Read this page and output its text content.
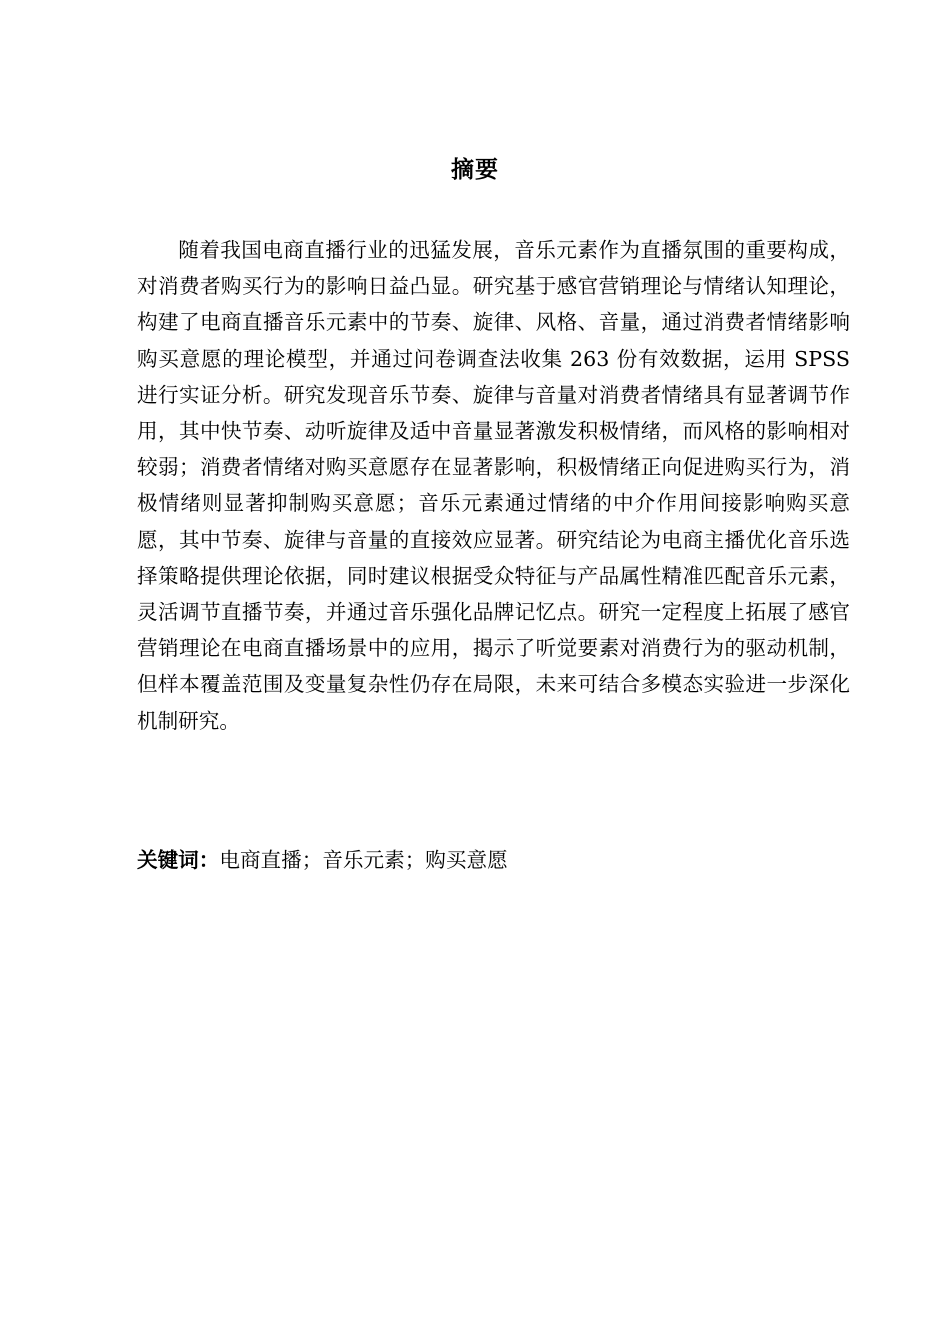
摘要

随着我国电商直播行业的迅猛发展，音乐元素作为直播氛围的重要构成，对消费者购买行为的影响日益凸显。研究基于感官营销理论与情绪认知理论，构建了电商直播音乐元素中的节奏、旋律、风格、音量，通过消费者情绪影响购买意愿的理论模型，并通过问卷调查法收集 263 份有效数据，运用 SPSS 进行实证分析。研究发现音乐节奏、旋律与音量对消费者情绪具有显著调节作用，其中快节奏、动听旋律及适中音量显著激发积极情绪，而风格的影响相对较弱；消费者情绪对购买意愿存在显著影响，积极情绪正向促进购买行为，消极情绪则显著抑制购买意愿；音乐元素通过情绪的中介作用间接影响购买意愿，其中节奏、旋律与音量的直接效应显著。研究结论为电商主播优化音乐选择策略提供理论依据，同时建议根据受众特征与产品属性精准匹配音乐元素，灵活调节直播节奏，并通过音乐强化品牌记忆点。研究一定程度上拓展了感官营销理论在电商直播场景中的应用，揭示了听觉要素对消费行为的驱动机制，但样本覆盖范围及变量复杂性仍存在局限，未来可结合多模态实验进一步深化机制研究。

关键词：电商直播；音乐元素；购买意愿
